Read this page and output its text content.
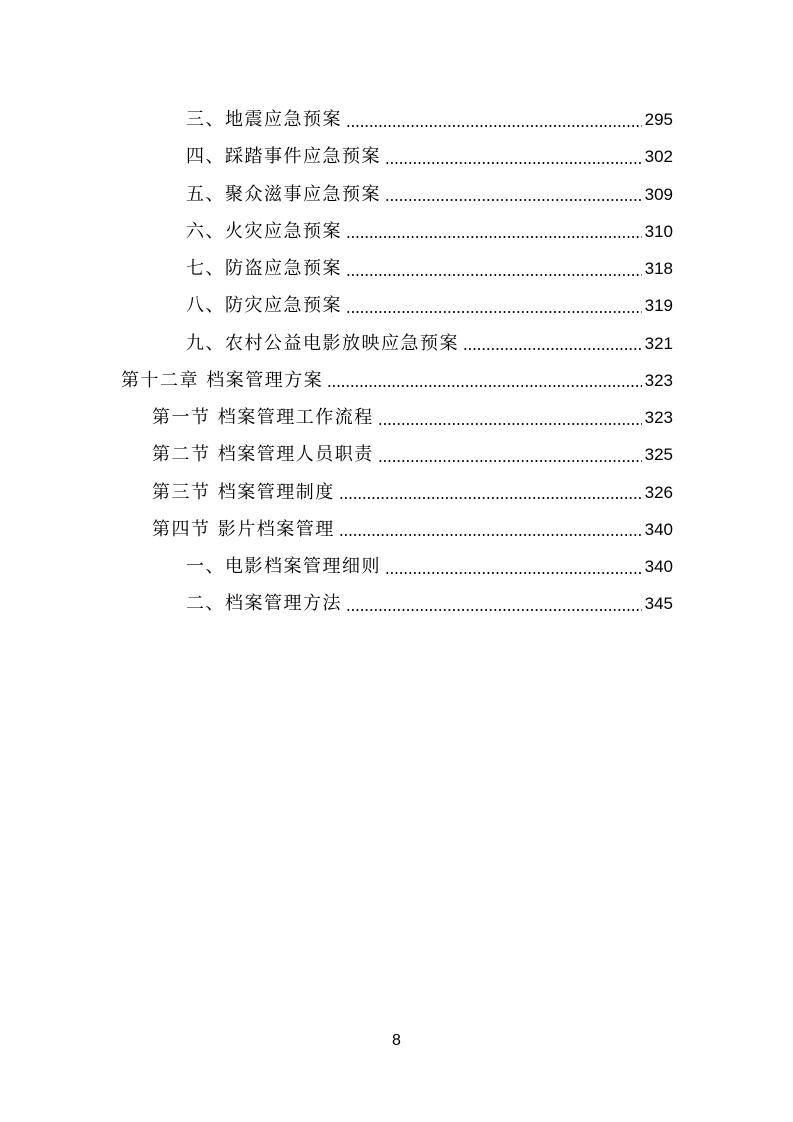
三、地震应急预案	295
四、踩踏事件应急预案	302
五、聚众滋事应急预案	309
六、火灾应急预案	310
七、防盗应急预案	318
八、防灾应急预案	319
九、农村公益电影放映应急预案	321
第十二章 档案管理方案	323
第一节 档案管理工作流程	323
第二节 档案管理人员职责	325
第三节 档案管理制度	326
第四节 影片档案管理	340
一、电影档案管理细则	340
二、档案管理方法	345
8
